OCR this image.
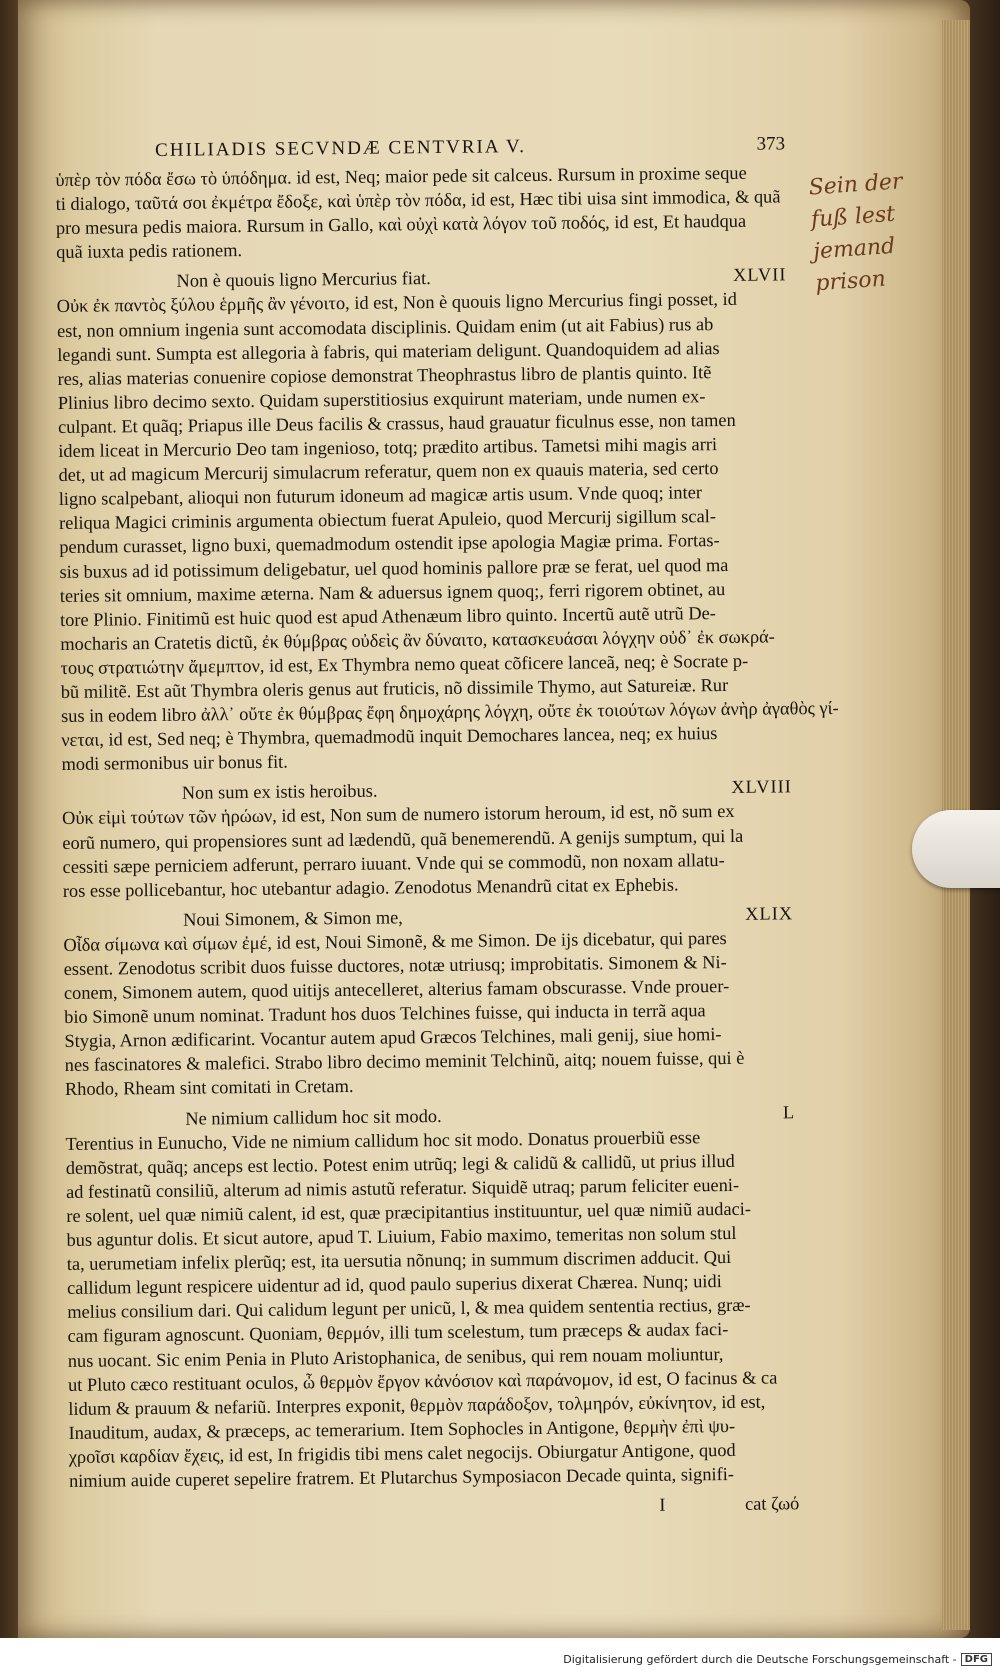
CHILIADIS SECVNDÆ CENTVRIA V.	373
ὑπὲρ τὸν πόδα ἔσω τὸ ὑπόδημα. id est, Neq; maior pede sit calceus. Rursum in proxime seque
ti dialogo, ταῦτά σοι ἐκμέτρα ἔδοξε, καὶ ὑπὲρ τὸν πόδα, id est, Hæc tibi uisa sint immodica, & quã
pro mesura pedis maiora. Rursum in Gallo, καὶ οὐχὶ κατὰ λόγον τοῦ ποδός, id est, Et haudqua
quã iuxta pedis rationem.
Non è quouis ligno Mercurius fiat.	XLVII
Οὐκ ἐκ παντὸς ξύλου ἑρμῆς ἂν γένοιτο, id est, Non è quouis ligno Mercurius fingi posset, id
est, non omnium ingenia sunt accomodata disciplinis. Quidam enim (ut ait Fabius) rus ab
legandi sunt. Sumpta est allegoria à fabris, qui materiam deligunt. Quandoquidem ad alias
res, alias materias conuenire copiose demonstrat Theophrastus libro de plantis quinto. Itẽ
Plinius libro decimo sexto. Quidam superstitiosius exquirunt materiam, unde numen ex-
culpant. Et quãq; Priapus ille Deus facilis & crassus, haud grauatur ficulnus esse, non tamen
idem liceat in Mercurio Deo tam ingenioso, totq; prædito artibus. Tametsi mihi magis arri
det, ut ad magicum Mercurij simulacrum referatur, quem non ex quauis materia, sed certo
ligno scalpebant, alioqui non futurum idoneum ad magicæ artis usum. Vnde quoq; inter
reliqua Magici criminis argumenta obiectum fuerat Apuleio, quod Mercurij sigillum scal-
pendum curasset, ligno buxi, quemadmodum ostendit ipse apologia Magiæ prima. Fortas-
sis buxus ad id potissimum deligebatur, uel quod hominis pallore præ se ferat, uel quod ma
teries sit omnium, maxime æterna. Nam & aduersus ignem quoq;, ferri rigorem obtinet, au
tore Plinio. Finitimũ est huic quod est apud Athenæum libro quinto. Incertũ autẽ utrũ De-
mocharis an Cratetis dictũ, ἐκ θύμβρας οὐδεὶς ἂν δύναιτο, κατασκευάσαι λόγχην οὐδ᾽ ἐκ σωκρά-
τους στρατιώτην ἄμεμπτον, id est, Ex Thymbra nemo queat cõficere lanceã, neq; è Socrate p-
bũ militẽ. Est aũt Thymbra oleris genus aut fruticis, nõ dissimile Thymo, aut Satureiæ. Rur
sus in eodem libro ἀλλ᾽ οὔτε ἐκ θύμβρας ἔφη δημοχάρης λόγχη, οὔτε ἐκ τοιούτων λόγων ἀνὴρ ἀγαθὸς γί-
νεται, id est, Sed neq; è Thymbra, quemadmodũ inquit Demochares lancea, neq; ex huius
modi sermonibus uir bonus fit.
Non sum ex istis heroibus.	XLVIII
Οὐκ εἰμὶ τούτων τῶν ἡρώων, id est, Non sum de numero istorum heroum, id est, nõ sum ex
eorũ numero, qui propensiores sunt ad lædendũ, quã benemerendũ. A genijs sumptum, qui la
cessiti sæpe perniciem adferunt, perraro iuuant. Vnde qui se commodũ, non noxam allatu-
ros esse pollicebantur, hoc utebantur adagio. Zenodotus Menandrũ citat ex Ephebis.
Noui Simonem, & Simon me,	XLIX
Οἶδα σίμωνα καὶ σίμων ἐμέ, id est, Noui Simonẽ, & me Simon. De ijs dicebatur, qui pares
essent. Zenodotus scribit duos fuisse ductores, notæ utriusq; improbitatis. Simonem & Ni-
conem, Simonem autem, quod uitijs antecelleret, alterius famam obscurasse. Vnde prouer-
bio Simonẽ unum nominat. Tradunt hos duos Telchines fuisse, qui inducta in terrã aqua
Stygia, Arnon ædificarint. Vocantur autem apud Græcos Telchines, mali genij, siue homi-
nes fascinatores & malefici. Strabo libro decimo meminit Telchinũ, aitq; nouem fuisse, qui è
Rhodo, Rheam sint comitati in Cretam.
Ne nimium callidum hoc sit modo.	L
Terentius in Eunucho, Vide ne nimium callidum hoc sit modo. Donatus prouerbiũ esse
demõstrat, quãq; anceps est lectio. Potest enim utrũq; legi & calidũ & callidũ, ut prius illud
ad festinatũ consiliũ, alterum ad nimis astutũ referatur. Siquidẽ utraq; parum feliciter eueni-
re solent, uel quæ nimiũ calent, id est, quæ præcipitantius instituuntur, uel quæ nimiũ audaci-
bus aguntur dolis. Et sicut autore, apud T. Liuium, Fabio maximo, temeritas non solum stul
ta, uerumetiam infelix plerũq; est, ita uersutia nõnunq; in summum discrimen adducit. Qui
callidum legunt respicere uidentur ad id, quod paulo superius dixerat Chærea. Nunq; uidi
melius consilium dari. Qui calidum legunt per unicũ, l, & mea quidem sententia rectius, græ-
cam figuram agnoscunt. Quoniam, θερμόν, illi tum scelestum, tum præceps & audax faci-
nus uocant. Sic enim Penia in Pluto Aristophanica, de senibus, qui rem nouam moliuntur,
ut Pluto cæco restituant oculos, ὦ θερμὸν ἔργον κἀνόσιον καὶ παράνομον, id est, O facinus & ca
lidum & prauum & nefariũ. Interpres exponit, θερμὸν παράδοξον, τολμηρόν, εὐκίνητον, id est,
Inauditum, audax, & præceps, ac temerarium. Item Sophocles in Antigone, θερμὴν ἐπὶ ψυ-
χροῖσι καρδίαν ἔχεις, id est, In frigidis tibi mens calet negocijs. Obiurgatur Antigone, quod
nimium auide cuperet sepelire fratrem. Et Plutarchus Symposiacon Decade quinta, signifi-
I	cat ζωό
Sein der
fuß lest jemand
prison
Digitalisierung gefördert durch die Deutsche Forschungsgemeinschaft - DFG
